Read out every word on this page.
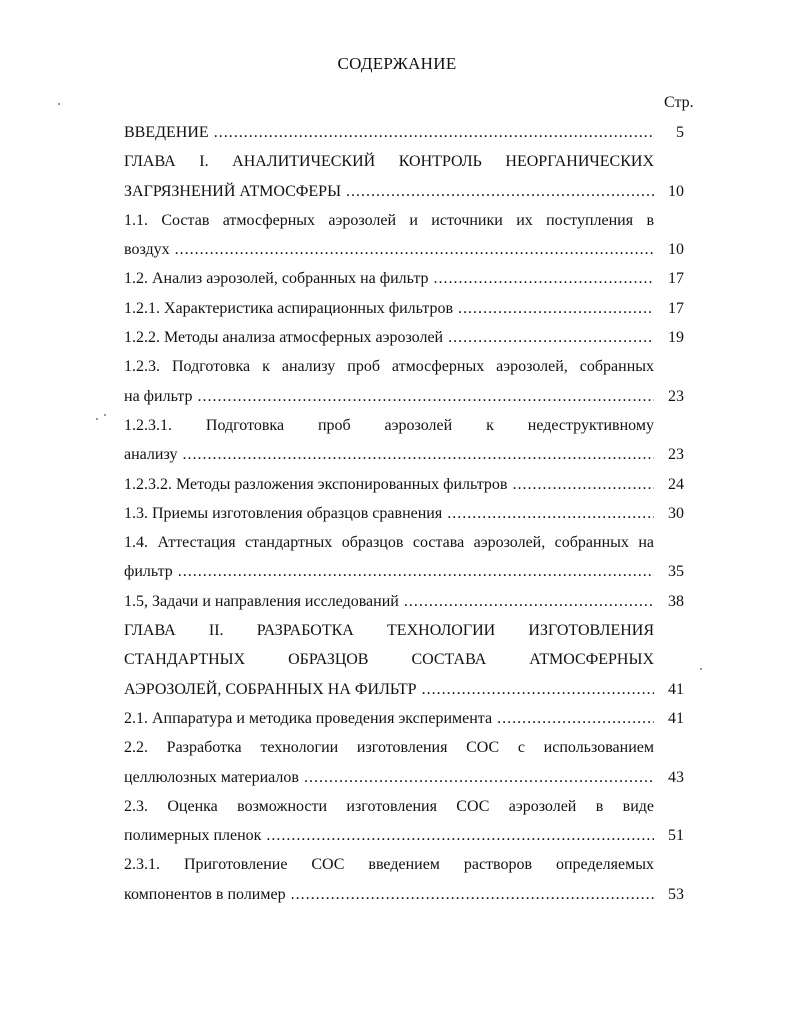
СОДЕРЖАНИЕ
Стр.
ВВЕДЕНИЕ .....	5
ГЛАВА I. АНАЛИТИЧЕСКИЙ КОНТРОЛЬ НЕОРГАНИЧЕСКИХ
ЗАГРЯЗНЕНИЙ АТМОСФЕРЫ .....	10
1.1. Состав атмосферных аэрозолей и источники их поступления в
воздух .....	10
1.2. Анализ аэрозолей, собранных на фильтр .....	17
1.2.1. Характеристика аспирационных фильтров .....	17
1.2.2. Методы анализа атмосферных аэрозолей .....	19
1.2.3. Подготовка к анализу проб атмосферных аэрозолей, собранных
на фильтр .....	23
1.2.3.1. Подготовка проб аэрозолей к недеструктивному
анализу .....	23
1.2.3.2. Методы разложения экспонированных фильтров .....	24
1.3. Приемы изготовления образцов сравнения .....	30
1.4. Аттестация стандартных образцов состава аэрозолей, собранных на
фильтр .....	35
1.5, Задачи и направления исследований .....	38
ГЛАВА II. РАЗРАБОТКА ТЕХНОЛОГИИ ИЗГОТОВЛЕНИЯ
СТАНДАРТНЫХ ОБРАЗЦОВ СОСТАВА АТМОСФЕРНЫХ
АЭРОЗОЛЕЙ, СОБРАННЫХ НА ФИЛЬТР .....	41
2.1. Аппаратура и методика проведения эксперимента .....	41
2.2. Разработка технологии изготовления СОС с использованием
целлюлозных материалов .....	43
2.3. Оценка возможности изготовления СОС аэрозолей в виде
полимерных пленок .....	51
2.3.1. Приготовление СОС введением растворов определяемых
компонентов в полимер .....	53
